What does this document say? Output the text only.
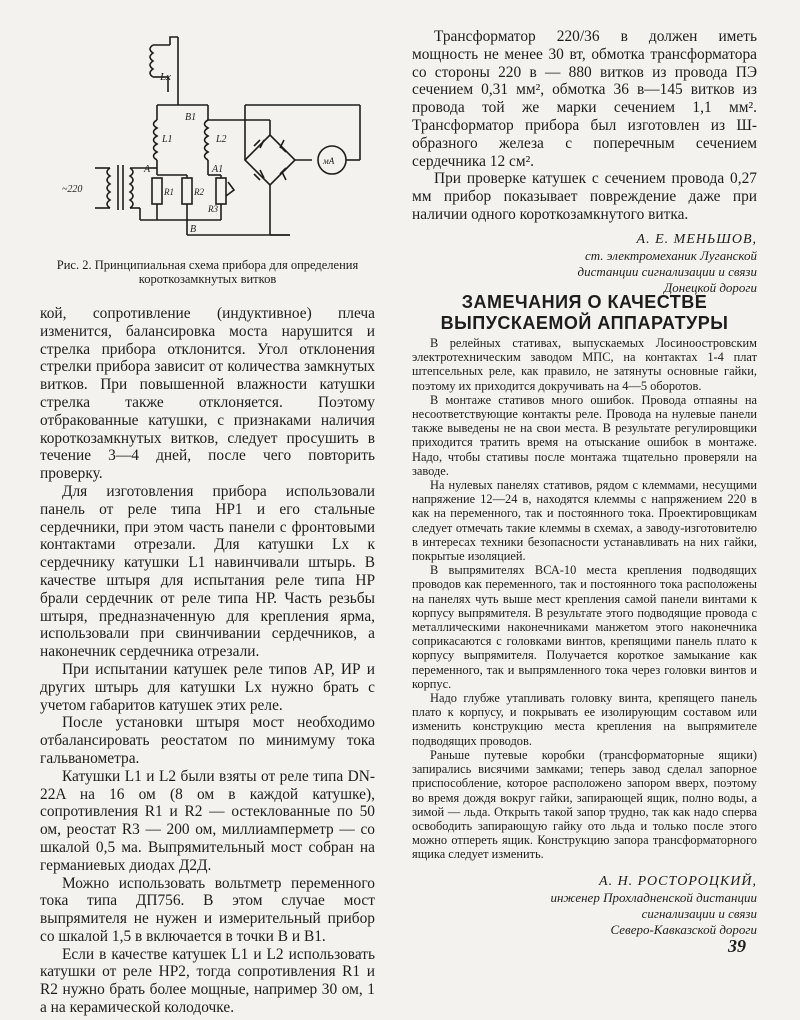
Lx
B1
L1	L2
A	A1
R1 R2
R3
B
мА
~220
Рис. 2. Принципиальная схема прибора для определения короткозамкнутых витков

кой, сопротивление (индуктивное) плеча изменится, балансировка моста нарушится и стрелка прибора отклонится. Угол отклонения стрелки прибора зависит от количества замкнутых витков. При повышенной влажности катушки стрелка также отклоняется. Поэтому отбракованные катушки, с признаками наличия короткозамкнутых витков, следует просушить в течение 3—4 дней, после чего повторить проверку.

Для изготовления прибора использовали панель от реле типа НР1 и его стальные сердечники, при этом часть панели с фронтовыми контактами отрезали. Для катушки Lx к сердечнику катушки L1 навинчивали штырь. В качестве штыря для испытания реле типа НР брали сердечник от реле типа НР. Часть резьбы штыря, предназначенную для крепления ярма, использовали при свинчивании сердечников, а наконечник сердечника отрезали.

При испытании катушек реле типов АР, ИР и других штырь для катушки Lx нужно брать с учетом габаритов катушек этих реле.

После установки штыря мост необходимо отбалансировать реостатом по минимуму тока гальванометра.

Катушки L1 и L2 были взяты от реле типа DN-22A на 16 ом (8 ом в каждой катушке), сопротивления R1 и R2 — остеклованные по 50 ом, реостат R3 — 200 ом, миллиамперметр — со шкалой 0,5 ма. Выпрямительный мост собран на германиевых диодах Д2Д.

Можно использовать вольтметр переменного тока типа ДП756. В этом случае мост выпрямителя не нужен и измерительный прибор со шкалой 1,5 в включается в точки В и В1.

Если в качестве катушек L1 и L2 использовать катушки от реле НР2, тогда сопротивления R1 и R2 нужно брать более мощные, например 30 ом, 1 а на керамической колодочке.

Трансформатор 220/36 в должен иметь мощность не менее 30 вт, обмотка трансформатора со стороны 220 в — 880 витков из провода ПЭ сечением 0,31 мм², обмотка 36 в—145 витков из провода той же марки сечением 1,1 мм². Трансформатор прибора был изготовлен из Ш-образного железа с поперечным сечением сердечника 12 см².

При проверке катушек с сечением провода 0,27 мм прибор показывает повреждение даже при наличии одного короткозамкнутого витка.

А. Е. МЕНЬШОВ,
ст. электромеханик Луганской
дистанции сигнализации и связи
Донецкой дороги
ЗАМЕЧАНИЯ О КАЧЕСТВЕ
ВЫПУСКАЕМОЙ АППАРАТУРЫ

В релейных стативах, выпускаемых Лосиноостровским электротехническим заводом МПС, на контактах 1-4 плат штепсельных реле, как правило, не затянуты основные гайки, поэтому их приходится докручивать на 4—5 оборотов.

В монтаже стативов много ошибок. Провода отпаяны на несоответствующие контакты реле. Провода на нулевые панели также выведены не на свои места. В результате регулировщики приходится тратить время на отыскание ошибок в монтаже. Надо, чтобы стативы после монтажа тщательно проверяли на заводе.

На нулевых панелях стативов, рядом с клеммами, несущими напряжение 12—24 в, находятся клеммы с напряжением 220 в как на переменного, так и постоянного тока. Проектировщикам следует отмечать такие клеммы в схемах, а заводу-изготовителю в интересах техники безопасности устанавливать на них гайки, покрытые изоляцией.

В выпрямителях ВСА-10 места крепления подводящих проводов как переменного, так и постоянного тока расположены на панелях чуть выше мест крепления самой панели винтами к корпусу выпрямителя. В результате этого подводящие провода с металлическими наконечниками манжетом этого наконечника соприкасаются с головками винтов, крепящими панель плато к корпусу выпрямителя. Получается короткое замыкание как переменного, так и выпрямленного тока через головки винтов и корпус.

Надо глубже утапливать головку винта, крепящего панель плато к корпусу, и покрывать ее изолирующим составом или изменить конструкцию места крепления на выпрямителе подводящих проводов.

Раньше путевые коробки (трансформаторные ящики) запирались висячими замками; теперь завод сделал запорное приспособление, которое расположено запором вверх, поэтому во время дождя вокруг гайки, запирающей ящик, полно воды, а зимой — льда. Открыть такой запор трудно, так как надо сперва освободить запирающую гайку ото льда и только после этого можно отпереть ящик. Конструкцию запора трансформаторного ящика следует изменить.

А. Н. РОСТОРОЦКИЙ,
инженер Прохладненской дистанции
сигнализации и связи
Северо-Кавказской дороги
39
